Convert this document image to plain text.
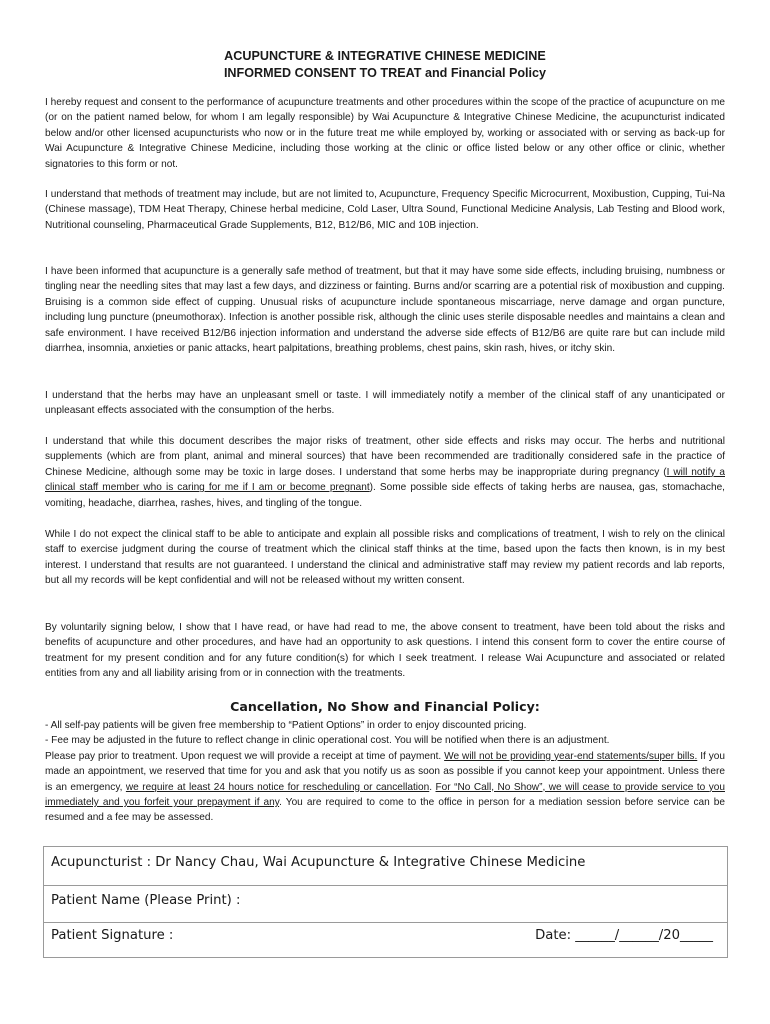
ACUPUNCTURE & INTEGRATIVE CHINESE MEDICINE
INFORMED CONSENT TO TREAT and Financial Policy

I hereby request and consent to the performance of acupuncture treatments and other procedures within the scope of the practice of acupuncture on me (or on the patient named below, for whom I am legally responsible) by Wai Acupuncture & Integrative Chinese Medicine, the acupuncturist indicated below and/or other licensed acupuncturists who now or in the future treat me while employed by, working or associated with or serving as back-up for Wai Acupuncture & Integrative Chinese Medicine, including those working at the clinic or office listed below or any other office or clinic, whether signatories to this form or not.

I understand that methods of treatment may include, but are not limited to, Acupuncture, Frequency Specific Microcurrent, Moxibustion, Cupping, Tui-Na (Chinese massage), TDM Heat Therapy, Chinese herbal medicine, Cold Laser, Ultra Sound, Functional Medicine Analysis, Lab Testing and Blood work, Nutritional counseling, Pharmaceutical Grade Supplements, B12, B12/B6, MIC and 10B injection.

I have been informed that acupuncture is a generally safe method of treatment, but that it may have some side effects, including bruising, numbness or tingling near the needling sites that may last a few days, and dizziness or fainting. Burns and/or scarring are a potential risk of moxibustion and cupping. Bruising is a common side effect of cupping. Unusual risks of acupuncture include spontaneous miscarriage, nerve damage and organ puncture, including lung puncture (pneumothorax). Infection is another possible risk, although the clinic uses sterile disposable needles and maintains a clean and safe environment. I have received B12/B6 injection information and understand the adverse side effects of B12/B6 are quite rare but can include mild diarrhea, insomnia, anxieties or panic attacks, heart palpitations, breathing problems, chest pains, skin rash, hives, or itchy skin.

I understand that the herbs may have an unpleasant smell or taste. I will immediately notify a member of the clinical staff of any unanticipated or unpleasant effects associated with the consumption of the herbs.

I understand that while this document describes the major risks of treatment, other side effects and risks may occur. The herbs and nutritional supplements (which are from plant, animal and mineral sources) that have been recommended are traditionally considered safe in the practice of Chinese Medicine, although some may be toxic in large doses. I understand that some herbs may be inappropriate during pregnancy (I will notify a clinical staff member who is caring for me if I am or become pregnant). Some possible side effects of taking herbs are nausea, gas, stomachache, vomiting, headache, diarrhea, rashes, hives, and tingling of the tongue.

While I do not expect the clinical staff to be able to anticipate and explain all possible risks and complications of treatment, I wish to rely on the clinical staff to exercise judgment during the course of treatment which the clinical staff thinks at the time, based upon the facts then known, is in my best interest. I understand that results are not guaranteed. I understand the clinical and administrative staff may review my patient records and lab reports, but all my records will be kept confidential and will not be released without my written consent.

By voluntarily signing below, I show that I have read, or have had read to me, the above consent to treatment, have been told about the risks and benefits of acupuncture and other procedures, and have had an opportunity to ask questions. I intend this consent form to cover the entire course of treatment for my present condition and for any future condition(s) for which I seek treatment. I release Wai Acupuncture and associated or related entities from any and all liability arising from or in connection with the treatments.

Cancellation, No Show and Financial Policy:
- All self-pay patients will be given free membership to “Patient Options” in order to enjoy discounted pricing.
- Fee may be adjusted in the future to reflect change in clinic operational cost. You will be notified when there is an adjustment.
Please pay prior to treatment. Upon request we will provide a receipt at time of payment. We will not be providing year-end statements/super bills. If you made an appointment, we reserved that time for you and ask that you notify us as soon as possible if you cannot keep your appointment. Unless there is an emergency, we require at least 24 hours notice for rescheduling or cancellation. For “No Call, No Show”, we will cease to provide service to you immediately and you forfeit your prepayment if any. You are required to come to the office in person for a mediation session before service can be resumed and a fee may be assessed.
Acupuncturist : Dr Nancy Chau, Wai Acupuncture & Integrative Chinese Medicine
Patient Name (Please Print) :
Patient Signature :	Date: ______/______/20_____
